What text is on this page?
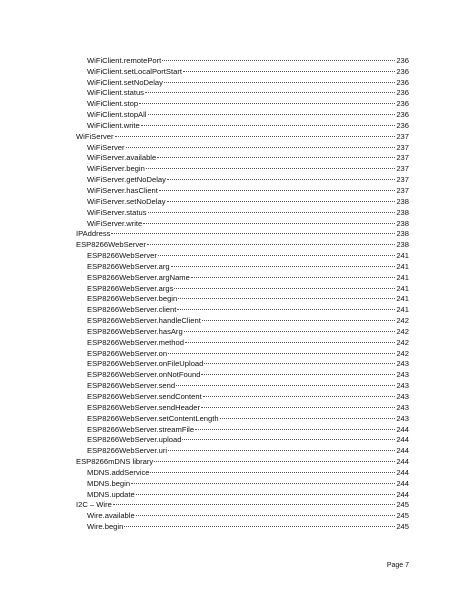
WiFiClient.remotePort	236
WiFiClient.setLocalPortStart	236
WiFiClient.setNoDelay	236
WiFiClient.status	236
WiFiClient.stop	236
WiFiClient.stopAll	236
WiFiClient.write	236
WiFiServer	237
WiFiServer	237
WiFiServer.available	237
WiFiServer.begin	237
WiFiServer.getNoDelay	237
WiFiServer.hasClient	237
WiFiServer.setNoDelay	238
WiFiServer.status	238
WiFiServer.write	238
IPAddress	238
ESP8266WebServer	238
ESP8266WebServer	241
ESP8266WebServer.arg	241
ESP8266WebServer.argName	241
ESP8266WebServer.args	241
ESP8266WebServer.begin	241
ESP8266WebServer.client	241
ESP8266WebServer.handleClient	242
ESP8266WebServer.hasArg	242
ESP8266WebServer.method	242
ESP8266WebServer.on	242
ESP8266WebServer.onFileUpload	243
ESP8266WebServer.onNotFound	243
ESP8266WebServer.send	243
ESP8266WebServer.sendContent	243
ESP8266WebServer.sendHeader	243
ESP8266WebServer.setContentLength	243
ESP8266WebServer.streamFile	244
ESP8266WebServer.upload	244
ESP8266WebServer.uri	244
ESP8266mDNS library	244
MDNS.addService	244
MDNS.begin	244
MDNS.update	244
I2C – Wire	245
Wire.available	245
Wire.begin	245
Page 7
